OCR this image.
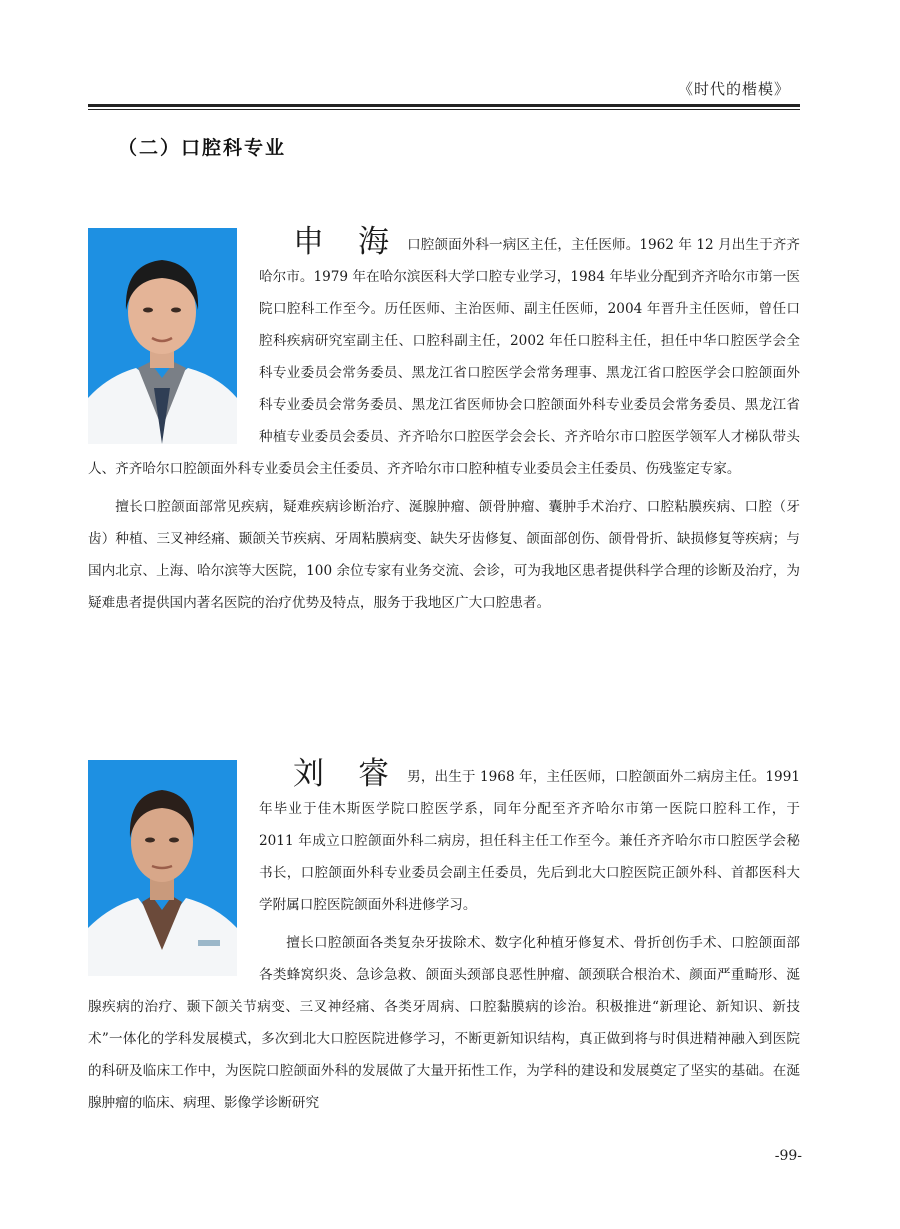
《时代的楷模》
（二）口腔科专业

申 海 口腔颌面外科一病区主任，主任医师。1962 年 12 月出生于齐齐哈尔市。1979 年在哈尔滨医科大学口腔专业学习，1984 年毕业分配到齐齐哈尔市第一医院口腔科工作至今。历任医师、主治医师、副主任医师，2004 年晋升主任医师，曾任口腔科疾病研究室副主任、口腔科副主任，2002 年任口腔科主任，担任中华口腔医学会全科专业委员会常务委员、黑龙江省口腔医学会常务理事、黑龙江省口腔医学会口腔颌面外科专业委员会常务委员、黑龙江省医师协会口腔颌面外科专业委员会常务委员、黑龙江省种植专业委员会委员、齐齐哈尔口腔医学会会长、齐齐哈尔市口腔医学领军人才梯队带头人、齐齐哈尔口腔颌面外科专业委员会主任委员、齐齐哈尔市口腔种植专业委员会主任委员、伤残鉴定专家。

擅长口腔颌面部常见疾病，疑难疾病诊断治疗、涎腺肿瘤、颌骨肿瘤、囊肿手术治疗、口腔粘膜疾病、口腔（牙齿）种植、三叉神经痛、颞颌关节疾病、牙周粘膜病变、缺失牙齿修复、颌面部创伤、颌骨骨折、缺损修复等疾病；与国内北京、上海、哈尔滨等大医院，100 余位专家有业务交流、会诊，可为我地区患者提供科学合理的诊断及治疗，为疑难患者提供国内著名医院的治疗优势及特点，服务于我地区广大口腔患者。

刘 睿 男，出生于 1968 年，主任医师，口腔颌面外二病房主任。1991 年毕业于佳木斯医学院口腔医学系，同年分配至齐齐哈尔市第一医院口腔科工作，于 2011 年成立口腔颌面外科二病房，担任科主任工作至今。兼任齐齐哈尔市口腔医学会秘书长，口腔颌面外科专业委员会副主任委员，先后到北大口腔医院正颌外科、首都医科大学附属口腔医院颌面外科进修学习。

擅长口腔颌面各类复杂牙拔除术、数字化种植牙修复术、骨折创伤手术、口腔颌面部各类蜂窝织炎、急诊急救、颌面头颈部良恶性肿瘤、颌颈联合根治术、颜面严重畸形、涎腺疾病的治疗、颞下颌关节病变、三叉神经痛、各类牙周病、口腔黏膜病的诊治。积极推进“新理论、新知识、新技术”一体化的学科发展模式，多次到北大口腔医院进修学习，不断更新知识结构，真正做到将与时俱进精神融入到医院的科研及临床工作中，为医院口腔颌面外科的发展做了大量开拓性工作，为学科的建设和发展奠定了坚实的基础。在涎腺肿瘤的临床、病理、影像学诊断研究

-99-
